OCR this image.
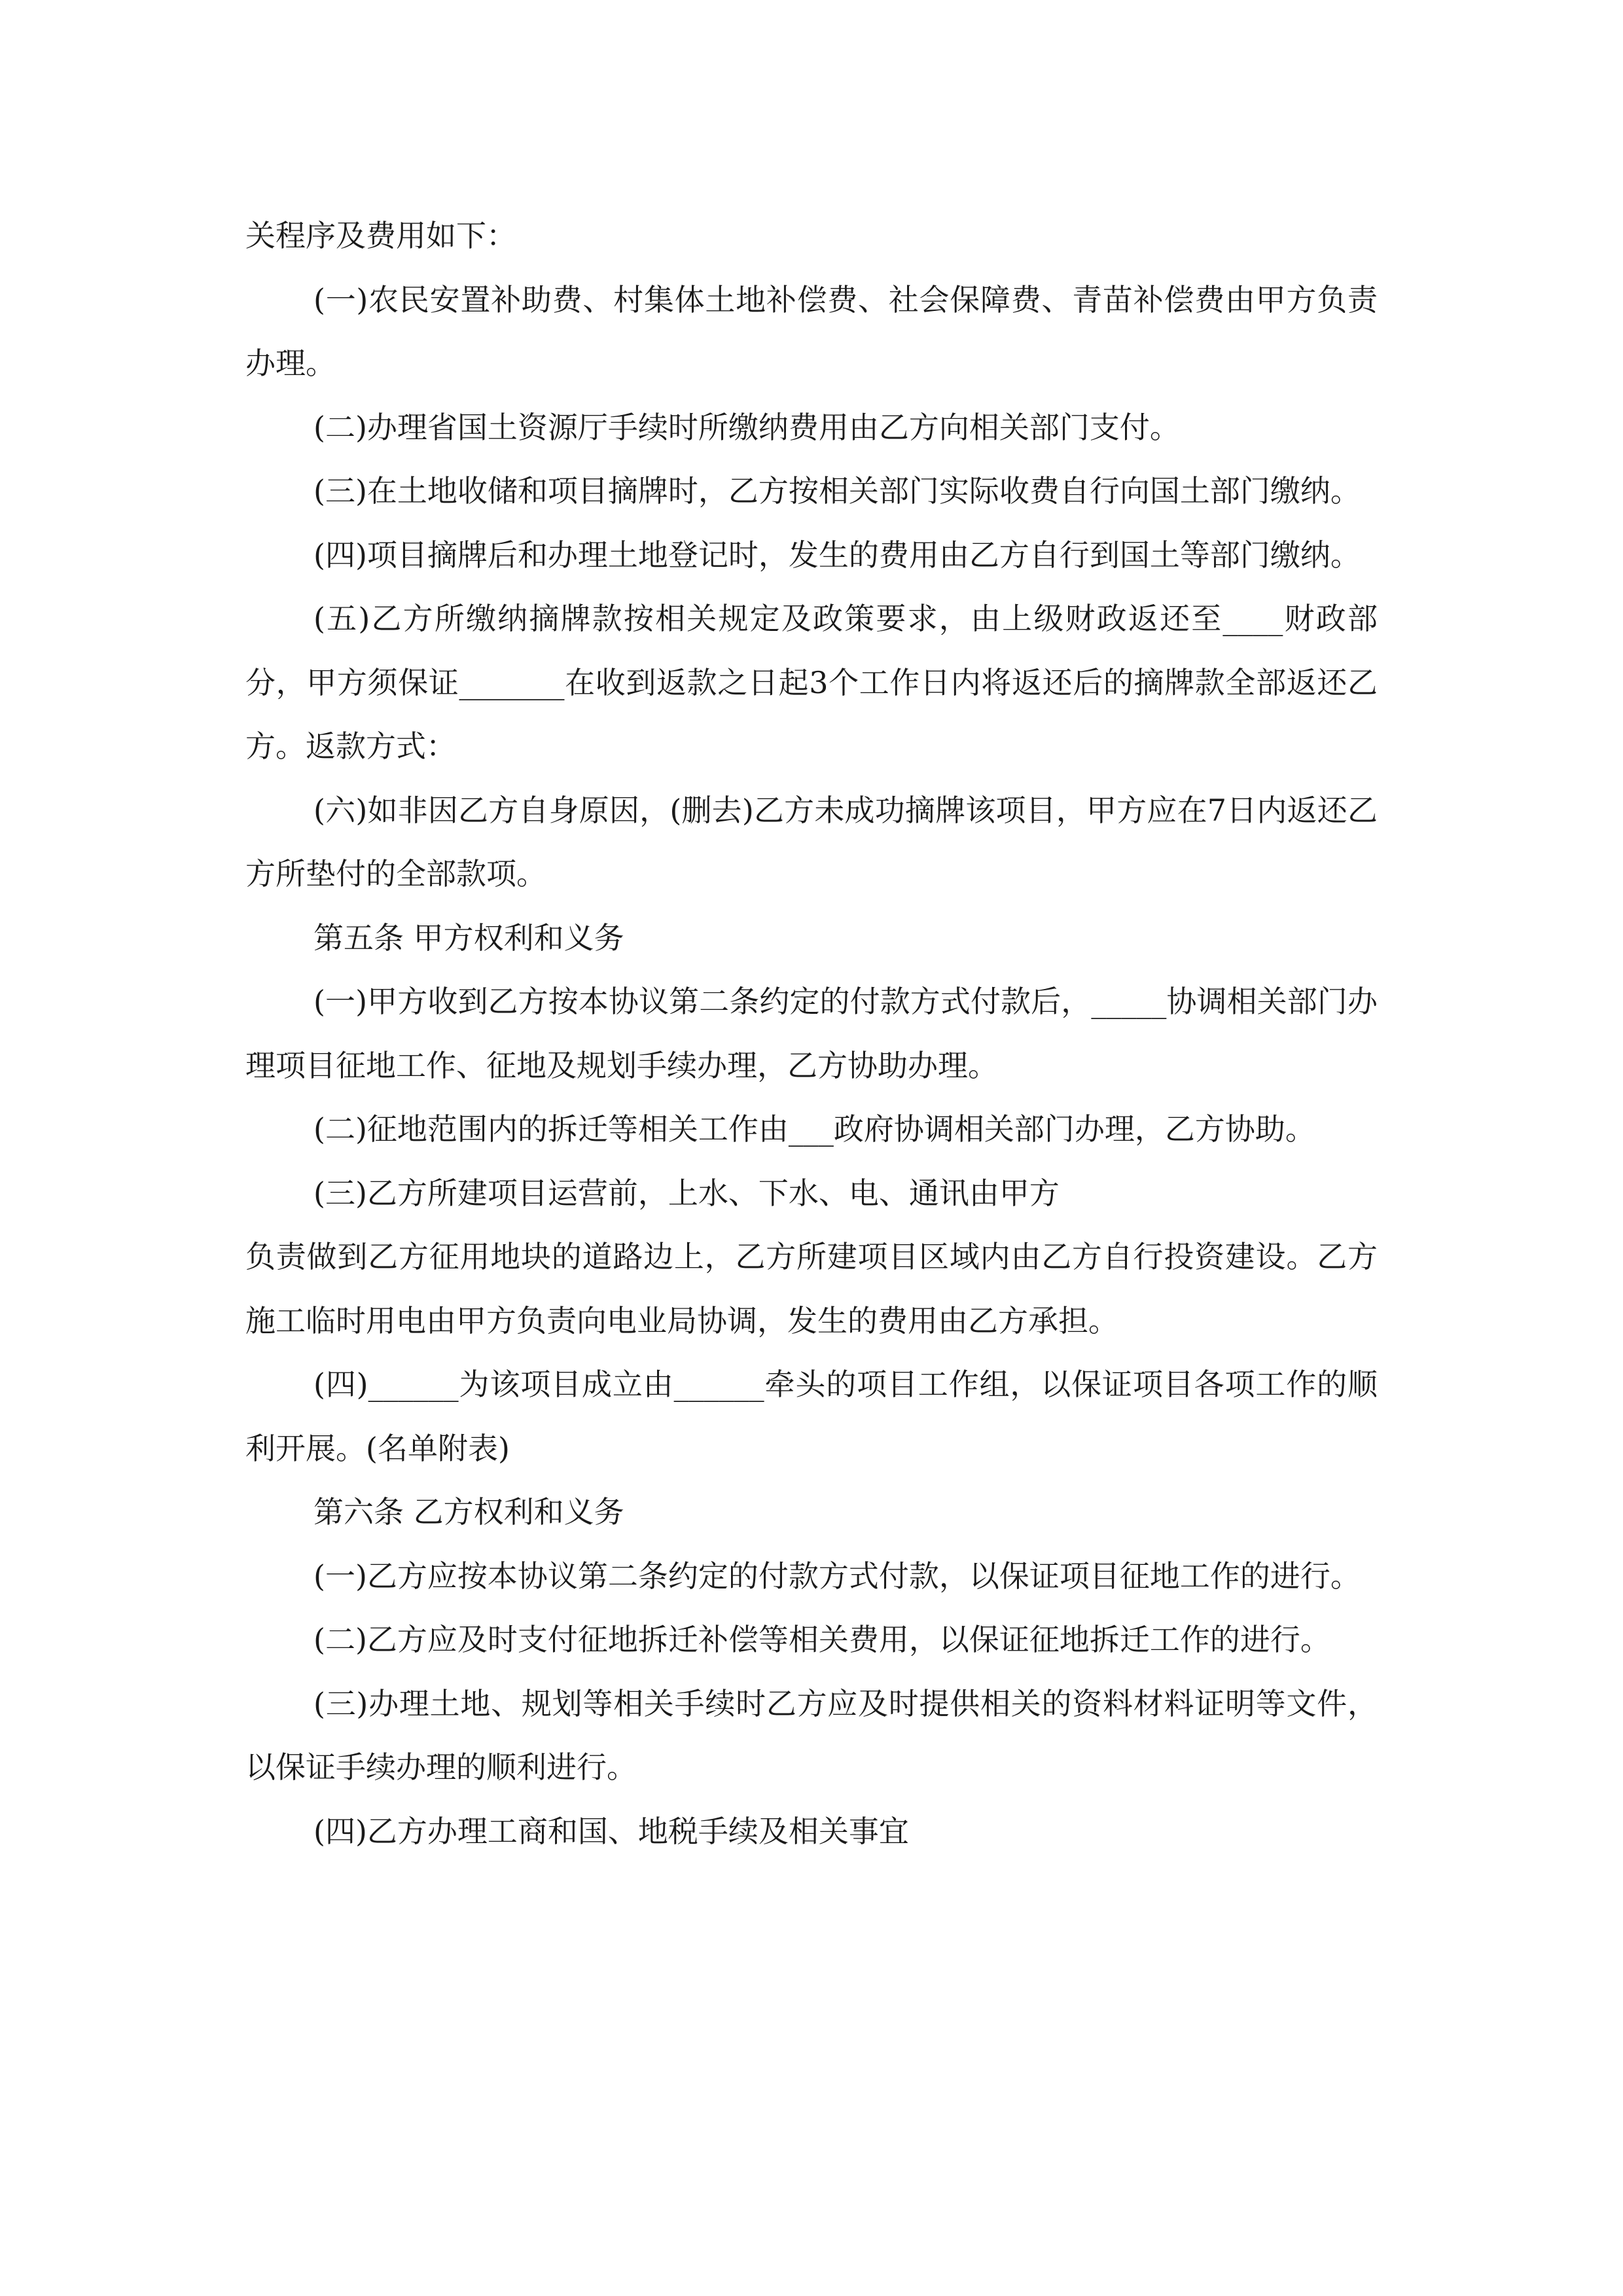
关程序及费用如下：

(一)农民安置补助费、村集体土地补偿费、社会保障费、青苗补偿费由甲方负责办理。

(二)办理省国土资源厅手续时所缴纳费用由乙方向相关部门支付。

(三)在土地收储和项目摘牌时，乙方按相关部门实际收费自行向国土部门缴纳。

(四)项目摘牌后和办理土地登记时，发生的费用由乙方自行到国土等部门缴纳。

(五)乙方所缴纳摘牌款按相关规定及政策要求，由上级财政返还至____财政部分，甲方须保证_______在收到返款之日起3个工作日内将返还后的摘牌款全部返还乙方。返款方式：

(六)如非因乙方自身原因，(删去)乙方未成功摘牌该项目，甲方应在7日内返还乙方所垫付的全部款项。

第五条 甲方权利和义务

(一)甲方收到乙方按本协议第二条约定的付款方式付款后，_____协调相关部门办理项目征地工作、征地及规划手续办理，乙方协助办理。

(二)征地范围内的拆迁等相关工作由___政府协调相关部门办理，乙方协助。

(三)乙方所建项目运营前，上水、下水、电、通讯由甲方

负责做到乙方征用地块的道路边上，乙方所建项目区域内由乙方自行投资建设。乙方施工临时用电由甲方负责向电业局协调，发生的费用由乙方承担。

(四)______为该项目成立由______牵头的项目工作组，以保证项目各项工作的顺利开展。(名单附表)

第六条 乙方权利和义务

(一)乙方应按本协议第二条约定的付款方式付款，以保证项目征地工作的进行。

(二)乙方应及时支付征地拆迁补偿等相关费用，以保证征地拆迁工作的进行。

(三)办理土地、规划等相关手续时乙方应及时提供相关的资料材料证明等文件，以保证手续办理的顺利进行。

(四)乙方办理工商和国、地税手续及相关事宜
